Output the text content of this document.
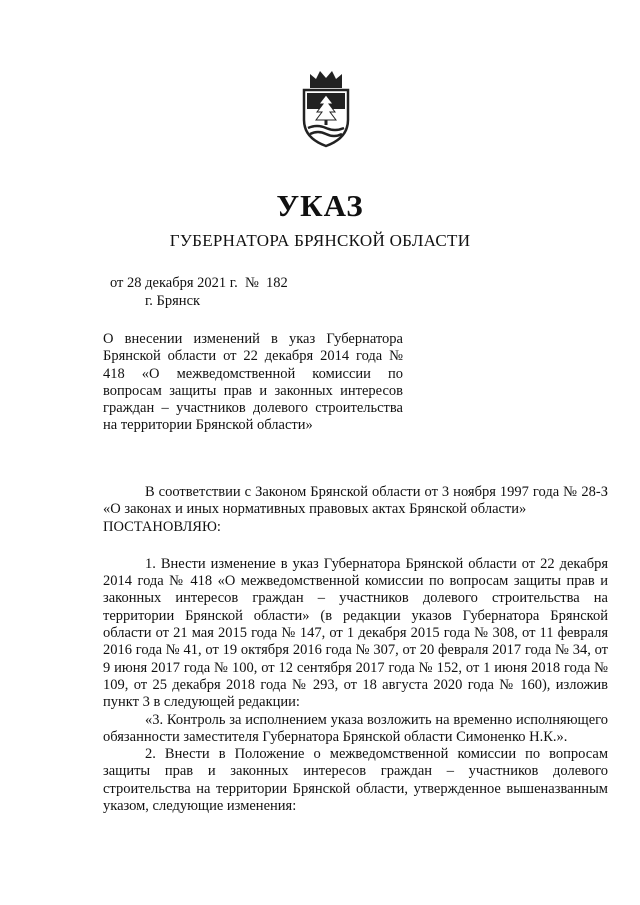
УКАЗ
ГУБЕРНАТОРА БРЯНСКОЙ ОБЛАСТИ
от 28 декабря 2021 г.  №  182
г. Брянск
О внесении изменений в указ Губернатора Брянской области от 22 декабря 2014 года № 418 «О межведомственной комиссии по вопросам защиты прав и законных интересов граждан – участников долевого строительства на территории Брянской области»

В соответствии с Законом Брянской области от 3 ноября 1997 года № 28-З «О законах и иных нормативных правовых актах Брянской области»

ПОСТАНОВЛЯЮ:

1. Внести изменение в указ Губернатора Брянской области от 22 декабря 2014 года № 418 «О межведомственной комиссии по вопросам защиты прав и законных интересов граждан – участников долевого строительства на территории Брянской области» (в редакции указов Губернатора Брянской области от 21 мая 2015 года № 147, от 1 декабря 2015 года № 308, от 11 февраля 2016 года № 41, от 19 октября 2016 года № 307, от 20 февраля 2017 года № 34, от 9 июня 2017 года № 100, от 12 сентября 2017 года № 152, от 1 июня 2018 года № 109, от 25 декабря 2018 года № 293, от 18 августа 2020 года № 160), изложив пункт 3 в следующей редакции:

«3. Контроль за исполнением указа возложить на временно исполняющего обязанности заместителя Губернатора Брянской области Симоненко Н.К.».

2. Внести в Положение о межведомственной комиссии по вопросам защиты прав и законных интересов граждан – участников долевого строительства на территории Брянской области, утвержденное вышеназванным указом, следующие изменения:
